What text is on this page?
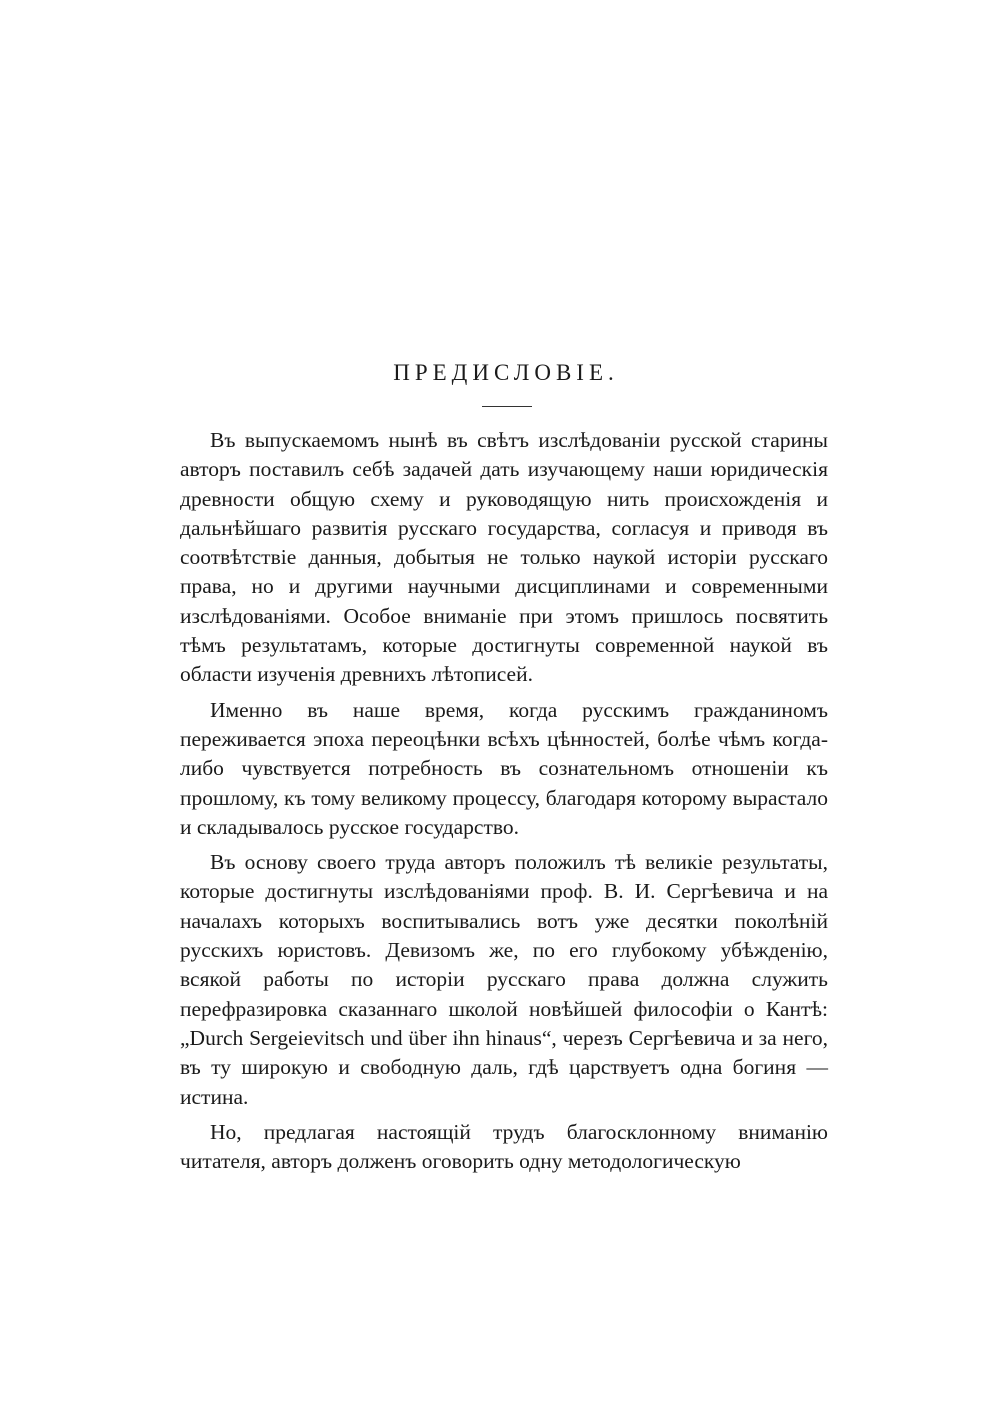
ПРЕДИСЛОВІЕ.

Въ выпускаемомъ нынѣ въ свѣтъ изслѣдованіи русской старины авторъ поставилъ себѣ задачей дать изучающему наши юридическія древности общую схему и руководящую нить происхожденія и дальнѣйшаго развитія русскаго государства, согласуя и приводя въ соотвѣтствіе данныя, добытыя не только наукой исторіи русскаго права, но и другими научными дисциплинами и современными изслѣдованіями. Особое вниманіе при этомъ пришлось посвятить тѣмъ результатамъ, которые достигнуты современной наукой въ области изученія древнихъ лѣтописей.

Именно въ наше время, когда русскимъ гражданиномъ переживается эпоха переоцѣнки всѣхъ цѣнностей, болѣе чѣмъ когда-либо чувствуется потребность въ сознательномъ отношеніи къ прошлому, къ тому великому процессу, благодаря которому вырастало и складывалось русское государство.

Въ основу своего труда авторъ положилъ тѣ великіе результаты, которые достигнуты изслѣдованіями проф. В. И. Сергѣевича и на началахъ которыхъ воспитывались вотъ уже десятки поколѣній русскихъ юристовъ. Девизомъ же, по его глубокому убѣжденію, всякой работы по исторіи русскаго права должна служить перефразировка сказаннаго школой новѣйшей философіи о Кантѣ: „Durch Sergeievitsch und über ihn hinaus“, черезъ Сергѣевича и за него, въ ту широкую и свободную даль, гдѣ царствуетъ одна богиня — истина.

Но, предлагая настоящій трудъ благосклонному вниманію читателя, авторъ долженъ оговорить одну методологическую
